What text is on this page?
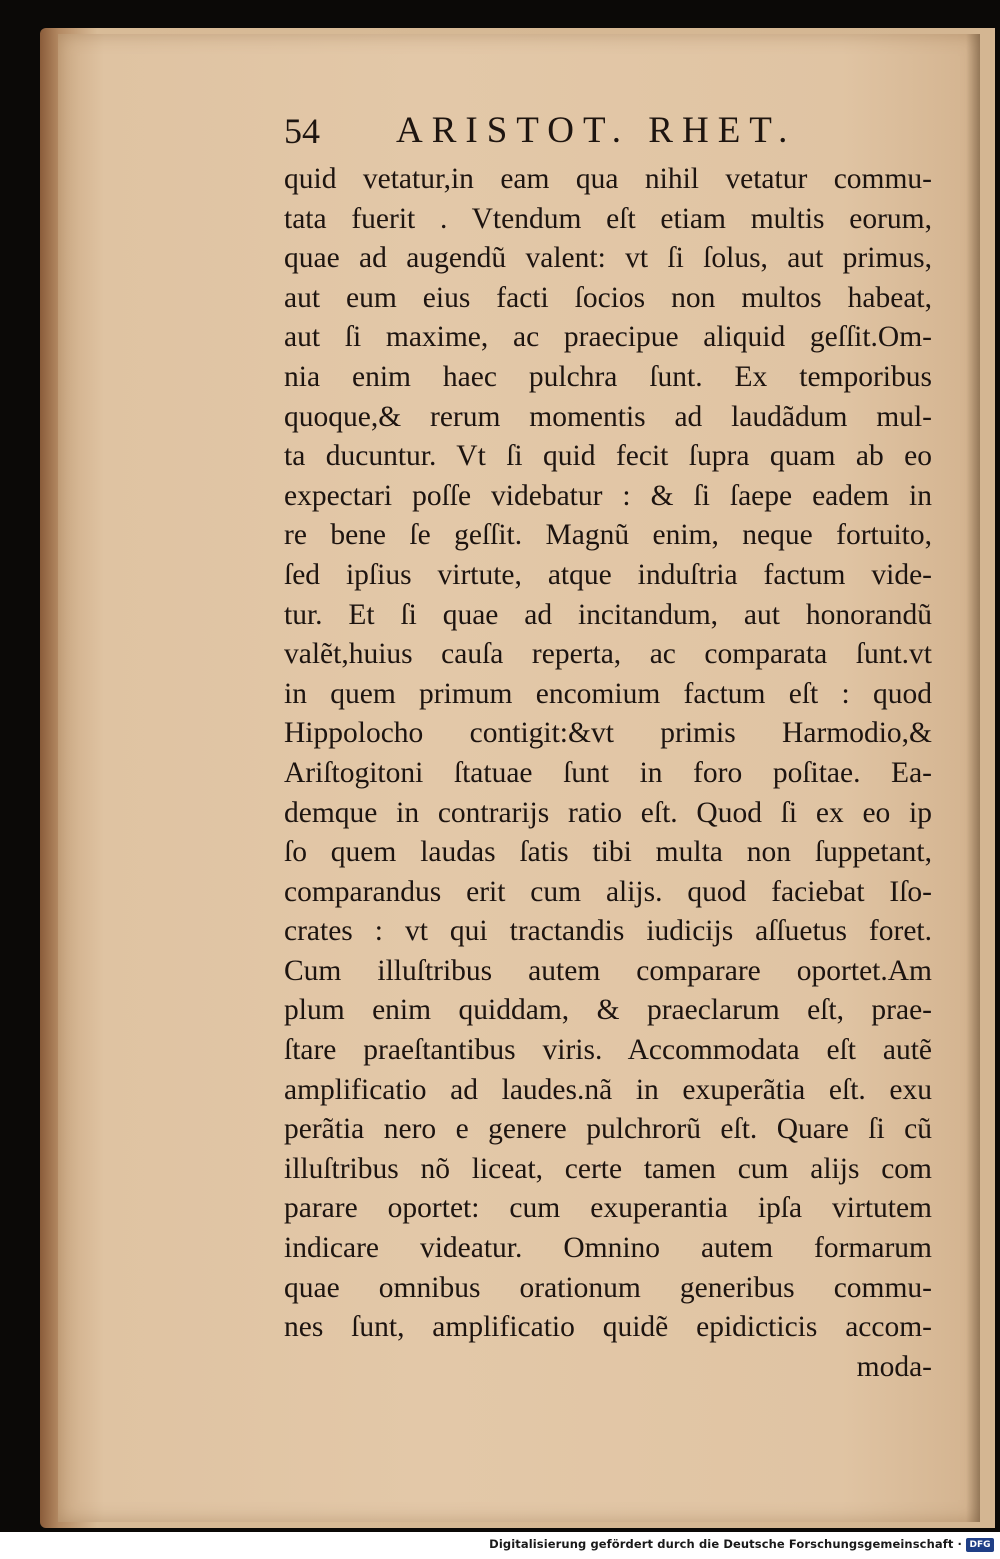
54 ARISTOT. RHET.
quid vetatur,in eam qua nihil vetatur commu-
tata fuerit . Vtendum eſt etiam multis eorum,
quae ad augendũ valent: vt ſi ſolus, aut primus,
aut eum eius facti ſocios non multos habeat,
aut ſi maxime, ac praecipue aliquid geſſit.Om-
nia enim haec pulchra ſunt. Ex temporibus
quoque,& rerum momentis ad laudãdum mul-
ta ducuntur. Vt ſi quid fecit ſupra quam ab eo
expectari poſſe videbatur : & ſi ſaepe eadem in
re bene ſe geſſit. Magnũ enim, neque fortuito,
ſed ipſius virtute, atque induſtria factum vide-
tur. Et ſi quae ad incitandum, aut honorandũ
valẽt,huius cauſa reperta, ac comparata ſunt.vt
in quem primum encomium factum eſt : quod
Hippolocho contigit:&vt primis Harmodio,&
Ariſtogitoni ſtatuae ſunt in foro poſitae. Ea-
demque in contrarijs ratio eſt. Quod ſi ex eo ip
ſo quem laudas ſatis tibi multa non ſuppetant,
comparandus erit cum alijs. quod faciebat Iſo-
crates : vt qui tractandis iudicijs aſſuetus foret.
Cum illuſtribus autem comparare oportet.Am
plum enim quiddam, & praeclarum eſt, prae-
ſtare praeſtantibus viris. Accommodata eſt autẽ
amplificatio ad laudes.nã in exuperãtia eſt. exu
perãtia nero e genere pulchrorũ eſt. Quare ſi cũ
illuſtribus nõ liceat, certe tamen cum alijs com
parare oportet: cum exuperantia ipſa virtutem
indicare videatur. Omnino autem formarum
quae omnibus orationum generibus commu-
nes ſunt, amplificatio quidẽ epidicticis accom-
moda-
Digitalisierung gefördert durch die Deutsche Forschungsgemeinschaft · DFG
